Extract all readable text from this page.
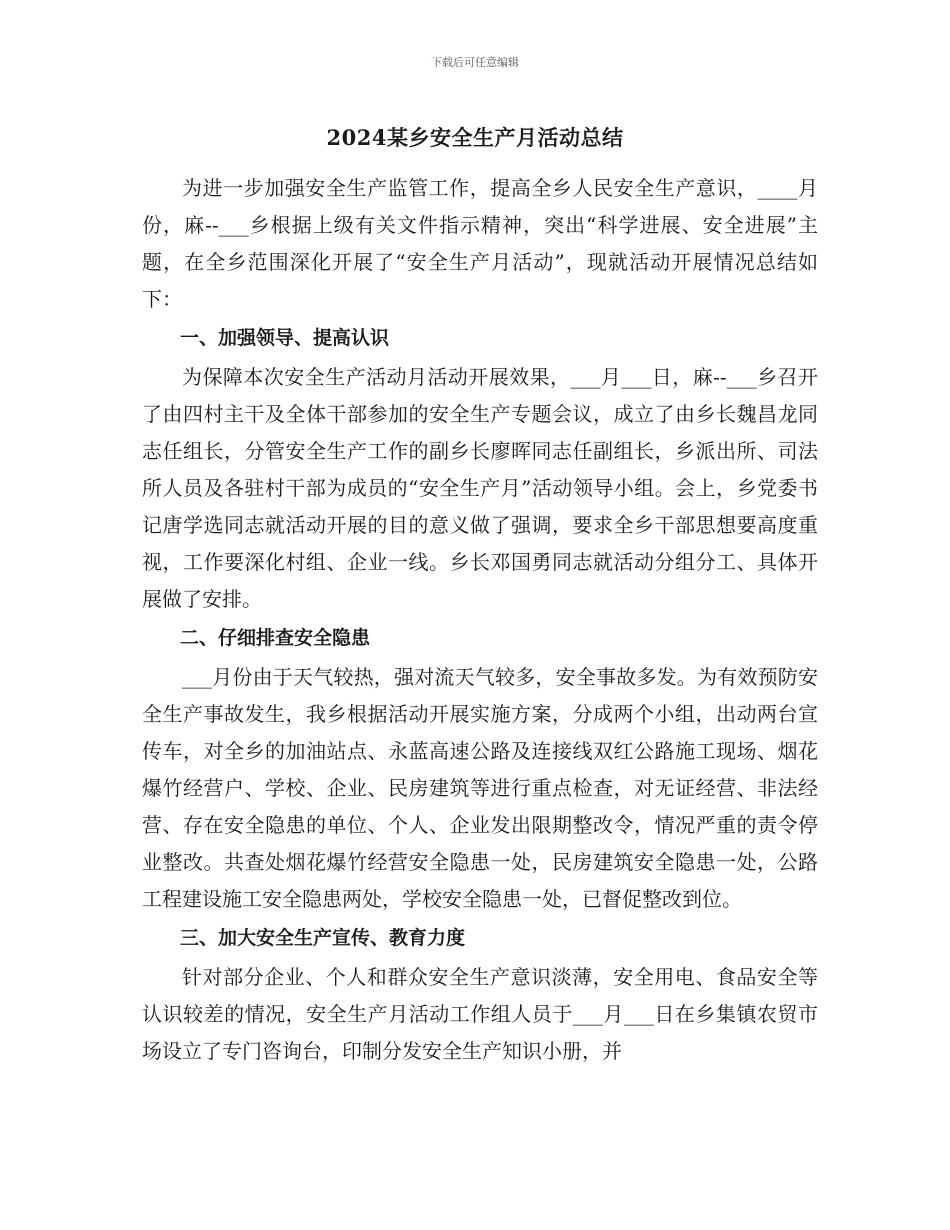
下载后可任意编辑
2024某乡安全生产月活动总结

为进一步加强安全生产监管工作，提高全乡人民安全生产意识，____月份，麻--___乡根据上级有关文件指示精神，突出“科学进展、安全进展”主题，在全乡范围深化开展了“安全生产月活动”，现就活动开展情况总结如下：

一、加强领导、提高认识

为保障本次安全生产活动月活动开展效果，___月___日，麻--___乡召开了由四村主干及全体干部参加的安全生产专题会议，成立了由乡长魏昌龙同志任组长，分管安全生产工作的副乡长廖晖同志任副组长，乡派出所、司法所人员及各驻村干部为成员的“安全生产月”活动领导小组。会上，乡党委书记唐学选同志就活动开展的目的意义做了强调，要求全乡干部思想要高度重视，工作要深化村组、企业一线。乡长邓国勇同志就活动分组分工、具体开展做了安排。

二、仔细排查安全隐患

___月份由于天气较热，强对流天气较多，安全事故多发。为有效预防安全生产事故发生，我乡根据活动开展实施方案，分成两个小组，出动两台宣传车，对全乡的加油站点、永蓝高速公路及连接线双红公路施工现场、烟花爆竹经营户、学校、企业、民房建筑等进行重点检查，对无证经营、非法经营、存在安全隐患的单位、个人、企业发出限期整改令，情况严重的责令停业整改。共查处烟花爆竹经营安全隐患一处，民房建筑安全隐患一处，公路工程建设施工安全隐患两处，学校安全隐患一处，已督促整改到位。

三、加大安全生产宣传、教育力度

针对部分企业、个人和群众安全生产意识淡薄，安全用电、食品安全等认识较差的情况，安全生产月活动工作组人员于___月___日在乡集镇农贸市场设立了专门咨询台，印制分发安全生产知识小册，并
